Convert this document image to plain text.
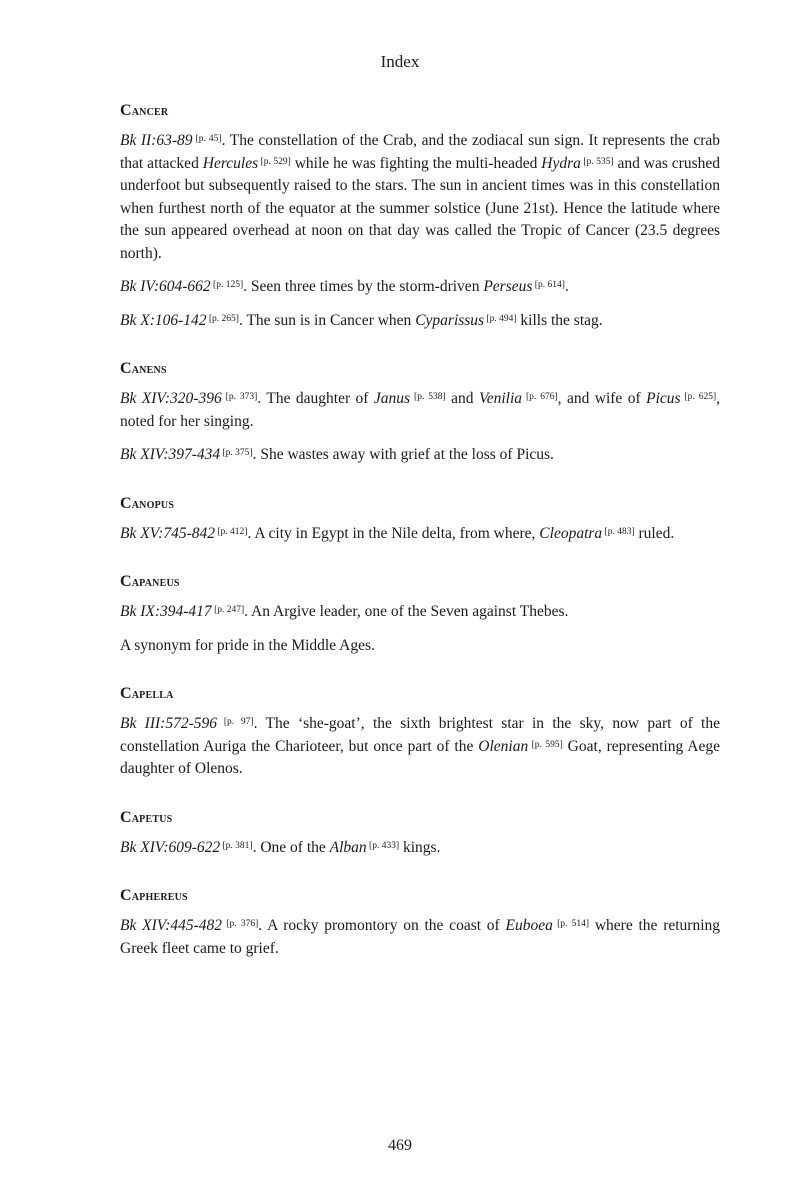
Index
Cancer

Bk II:63-89 [p. 45]. The constellation of the Crab, and the zodiacal sun sign. It represents the crab that attacked Hercules [p. 529] while he was fighting the multi-headed Hydra [p. 535] and was crushed underfoot but subsequently raised to the stars. The sun in ancient times was in this constellation when furthest north of the equator at the summer solstice (June 21st). Hence the latitude where the sun appeared overhead at noon on that day was called the Tropic of Cancer (23.5 degrees north).

Bk IV:604-662 [p. 125]. Seen three times by the storm-driven Perseus [p. 614].

Bk X:106-142 [p. 265]. The sun is in Cancer when Cyparissus [p. 494] kills the stag.

Canens

Bk XIV:320-396 [p. 373]. The daughter of Janus [p. 538] and Venilia [p. 676], and wife of Picus [p. 625], noted for her singing.

Bk XIV:397-434 [p. 375]. She wastes away with grief at the loss of Picus.

Canopus

Bk XV:745-842 [p. 412]. A city in Egypt in the Nile delta, from where, Cleopatra [p. 483] ruled.

Capaneus

Bk IX:394-417 [p. 247]. An Argive leader, one of the Seven against Thebes.

A synonym for pride in the Middle Ages.

Capella

Bk III:572-596 [p. 97]. The ‘she-goat’, the sixth brightest star in the sky, now part of the constellation Auriga the Charioteer, but once part of the Olenian [p. 595] Goat, representing Aege daughter of Olenos.

Capetus

Bk XIV:609-622 [p. 381]. One of the Alban [p. 433] kings.

Caphereus

Bk XIV:445-482 [p. 376]. A rocky promontory on the coast of Euboea [p. 514] where the returning Greek fleet came to grief.

469
